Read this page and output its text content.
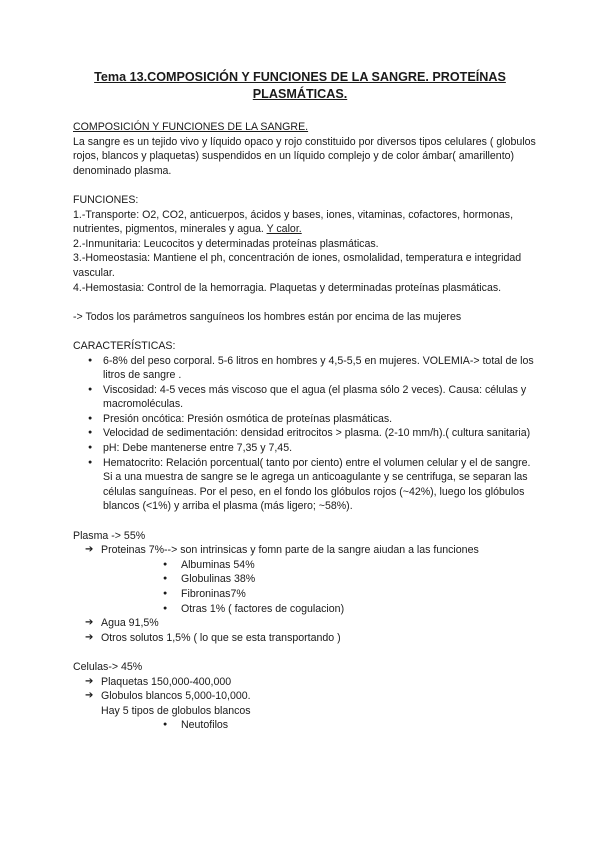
Tema 13.COMPOSICIÓN Y FUNCIONES DE LA SANGRE. PROTEÍNAS PLASMÁTICAS.

COMPOSICIÓN Y FUNCIONES DE LA SANGRE.

La sangre es un tejido vivo y líquido opaco y rojo constituido por diversos tipos celulares ( globulos rojos, blancos y plaquetas) suspendidos en un líquido complejo y de color ámbar( amarillento) denominado plasma.

FUNCIONES:

1.-Transporte: O2, CO2, anticuerpos, ácidos y bases, iones, vitaminas, cofactores, hormonas, nutrientes, pigmentos, minerales y agua. Y calor.

2.-Inmunitaria: Leucocitos y determinadas proteínas plasmáticas.

3.-Homeostasia: Mantiene el ph, concentración de iones, osmolalidad, temperatura e integridad vascular.

4.-Hemostasia: Control de la hemorragia. Plaquetas y determinadas proteínas plasmáticas.

-> Todos los parámetros sanguíneos los hombres están por encima de las mujeres

CARACTERÍSTICAS:

● 6-8% del peso corporal. 5-6 litros en hombres y 4,5-5,5 en mujeres. VOLEMIA-> total de los litros de sangre .
● Viscosidad: 4-5 veces más viscoso que el agua (el plasma sólo 2 veces). Causa: células y macromoléculas.
● Presión oncótica: Presión osmótica de proteínas plasmáticas.
● Velocidad de sedimentación: densidad eritrocitos > plasma. (2-10 mm/h).( cultura sanitaria)
● pH: Debe mantenerse entre 7,35 y 7,45.
● Hematocrito: Relación porcentual( tanto por ciento) entre el volumen celular y el de sangre.

Si a una muestra de sangre se le agrega un anticoagulante y se centrifuga, se separan las células sanguíneas. Por el peso, en el fondo los glóbulos rojos (~42%), luego los glóbulos blancos (<1%) y arriba el plasma (más ligero; ~58%).

Plasma -> 55%

➔ Proteinas 7%--> son intrinsicas y fomn parte de la sangre aiudan a las funciones
● Albuminas 54%
● Globulinas 38%
● Fibroninas7%
● Otras 1% ( factores de cogulacion)
➔ Agua 91,5%
➔ Otros solutos 1,5% ( lo que se esta transportando )

Celulas-> 45%

➔ Plaquetas 150,000-400,000
➔ Globulos blancos 5,000-10,000.
Hay 5 tipos de globulos blancos
● Neutofilos
